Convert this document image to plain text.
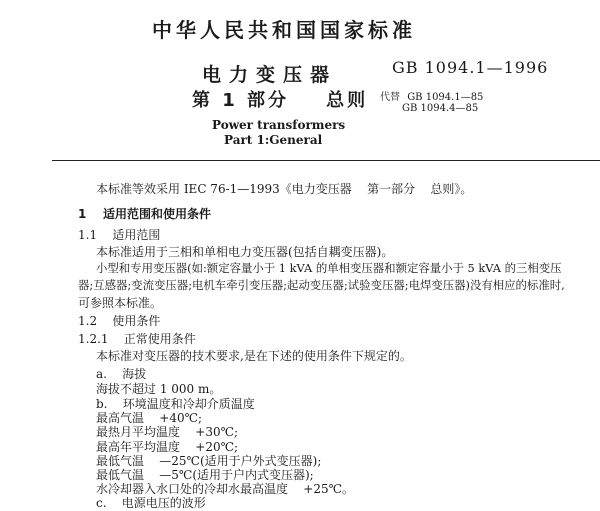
中华人民共和国国家标准
GB 1094.1—1996
电力变压器
第 1 部分    总则 代替 GB 1094.1—85
GB 1094.4—85
Power transformers
Part 1:General
本标准等效采用 IEC 76-1—1993《电力变压器    第一部分    总则》。
1    适用范围和使用条件
1.1    适用范围
本标准适用于三相和单相电力变压器(包括自耦变压器)。
小型和专用变压器(如:额定容量小于 1 kVA 的单相变压器和额定容量小于 5 kVA 的三相变压
器;互感器;变流变压器;电机车牵引变压器;起动变压器;试验变压器;电焊变压器)没有相应的标准时,
可参照本标准。
1.2    使用条件
1.2.1    正常使用条件
本标准对变压器的技术要求,是在下述的使用条件下规定的。
a.    海拔
海拔不超过 1 000 m。
b.    环境温度和冷却介质温度
最高气温    +40℃;
最热月平均温度    +30℃;
最高年平均温度    +20℃;
最低气温    —25℃(适用于户外式变压器);
最低气温    —5℃(适用于户内式变压器);
水冷却器入水口处的冷却水最高温度    +25℃。
c.    电源电压的波形
